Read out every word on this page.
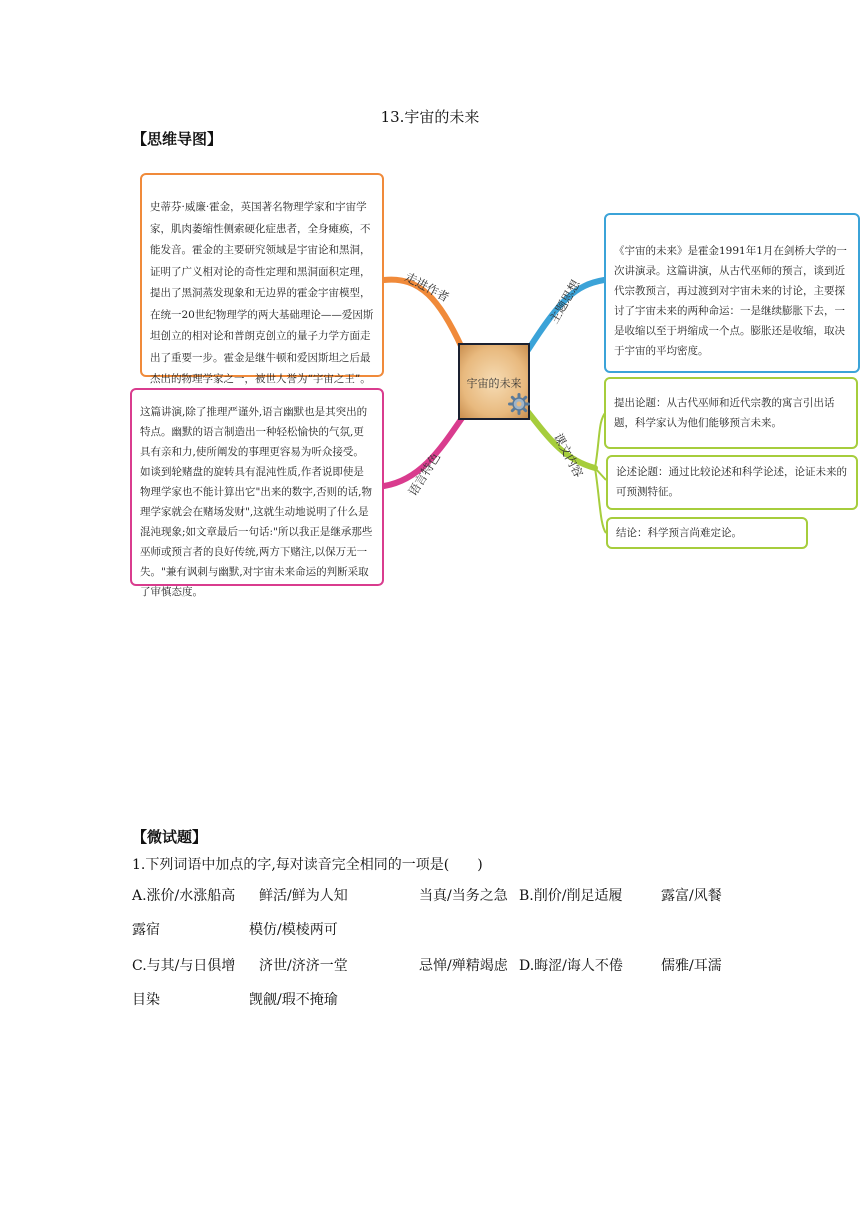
13.宇宙的未来
【思维导图】
走进作者	主题思想
语言特色	课文内容
史蒂芬·威廉·霍金，英国著名物理学家和宇宙学家，肌肉萎缩性侧索硬化症患者，全身瘫痪，不能发音。霍金的主要研究领域是宇宙论和黑洞，证明了广义相对论的奇性定理和黑洞面积定理，提出了黑洞蒸发现象和无边界的霍金宇宙模型，在统一20世纪物理学的两大基础理论——爱因斯坦创立的相对论和普朗克创立的量子力学方面走出了重要一步。霍金是继牛顿和爱因斯坦之后最杰出的物理学家之一，被世人誉为“宇宙之王”。
《宇宙的未来》是霍金1991年1月在剑桥大学的一次讲演录。这篇讲演，从古代巫师的预言，谈到近代宗教预言，再过渡到对宇宙未来的讨论，主要探讨了宇宙未来的两种命运：一是继续膨胀下去，一是收缩以至于坍缩成一个点。膨胀还是收缩，取决于宇宙的平均密度。
这篇讲演,除了推理严谨外,语言幽默也是其突出的特点。幽默的语言制造出一种轻松愉快的气氛,更具有亲和力,使所阐发的事理更容易为听众接受。如谈到轮赌盘的旋转具有混沌性质,作者说即使是物理学家也不能计算出它"出来的数字,否则的话,物理学家就会在赌场发财",这就生动地说明了什么是混沌现象;如文章最后一句话:"所以我正是继承那些巫师或预言者的良好传统,两方下赌注,以保万无一失。"兼有讽刺与幽默,对宇宙未来命运的判断采取了审慎态度。
提出论题：从古代巫师和近代宗教的寓言引出话题，科学家认为他们能够预言未来。
论述论题：通过比较论述和科学论述，论证未来的可预测特征。
结论：科学预言尚难定论。
宇宙的未来
【微试题】
1.下列词语中加点的字,每对读音完全相同的一项是(　　)
A.涨价/水涨船高 鲜活/鲜为人知	当真/当务之急 B.削价/削足适履	露富/风餐
露宿	模仿/模棱两可
C.与其/与日俱增 济世/济济一堂	忌惮/殚精竭虑 D.晦涩/诲人不倦	儒雅/耳濡
目染	觊觎/瑕不掩瑜
